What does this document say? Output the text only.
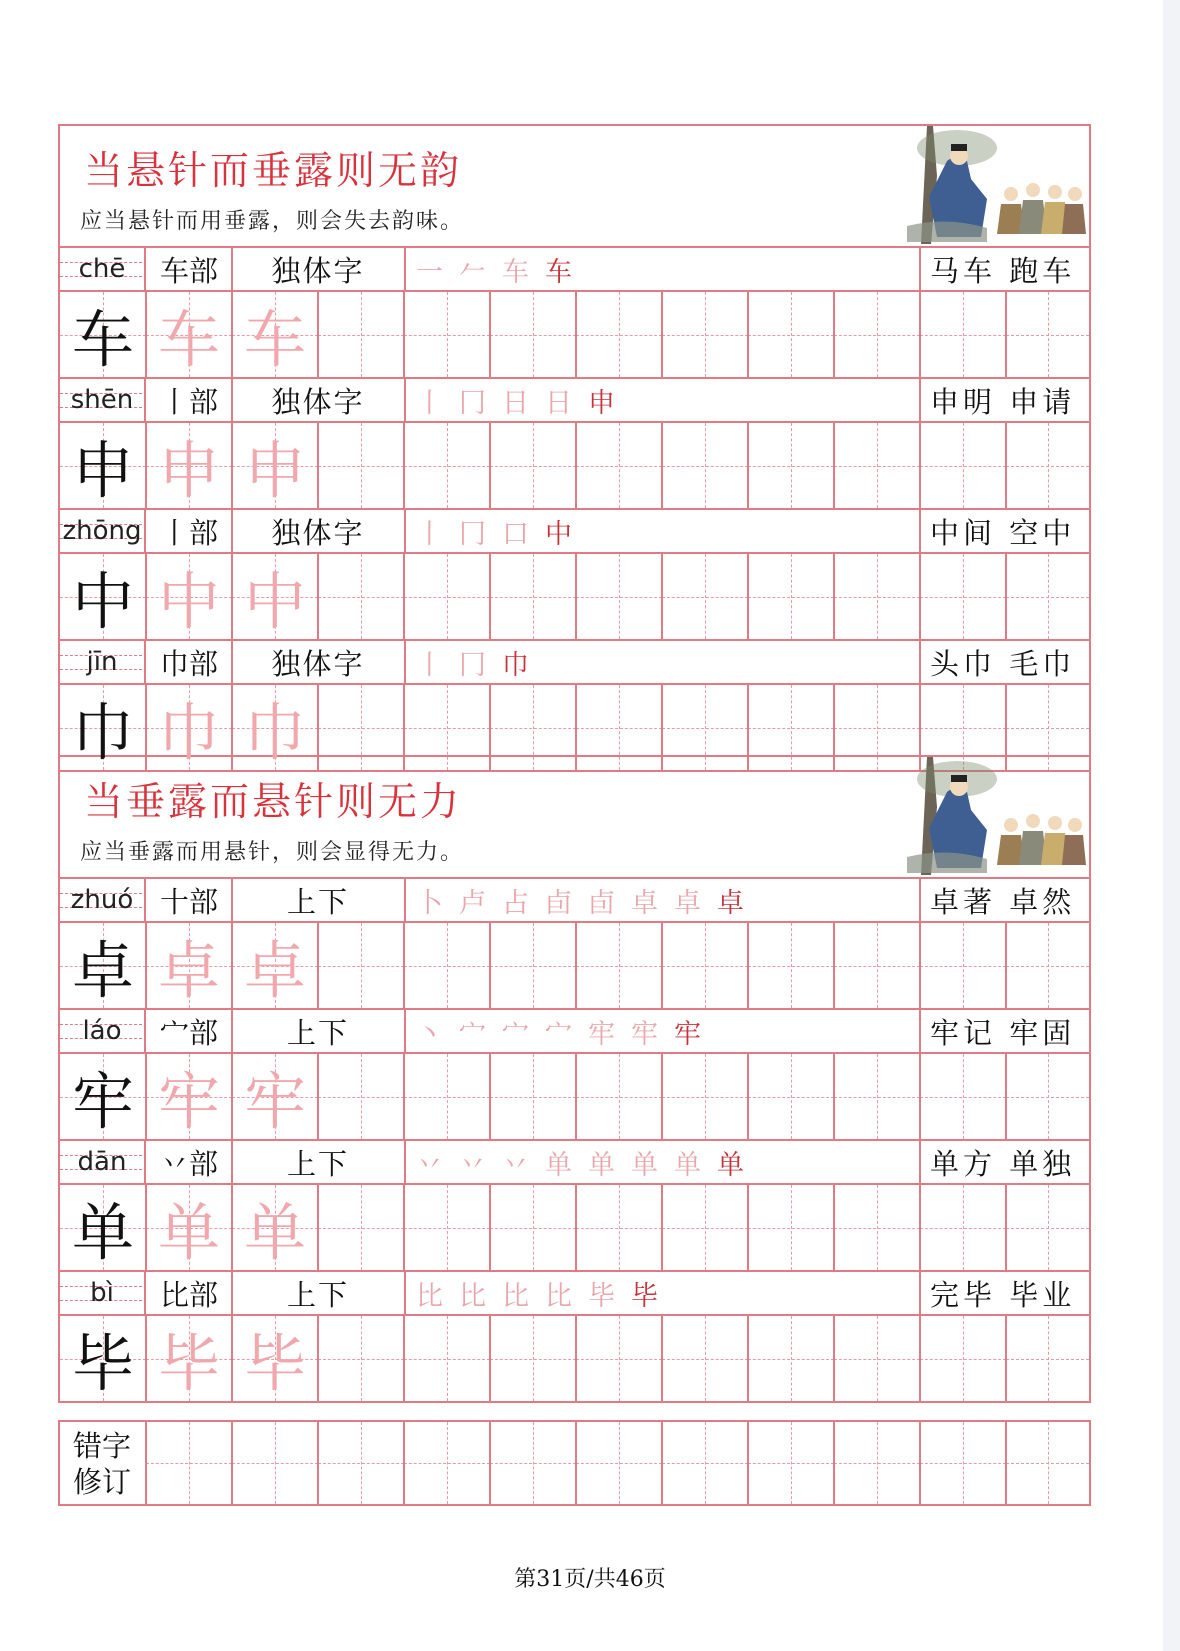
当悬针而垂露则无韵
应当悬针而用垂露，则会失去韵味。
chē	车部	独体字	一 𠂉 车 车	马车 跑车
车 车 车
shēn 丨部	独体字	丨 冂 日 日 申	申明 申请
申 申 申
zhōng 丨部	独体字	丨 冂 口 中	中间 空中
中 中 中
jīn	巾部	独体字	丨 冂 巾	头巾 毛巾
巾 巾 巾
当垂露而悬针则无力
应当垂露而用悬针，则会显得无力。
zhuó 十部	上下	卜 卢 占 卣 卣 卓 卓 卓	卓著 卓然
卓 卓 卓
láo	宀部	上下	丶 宀 宀 宀 牢 牢 牢	牢记 牢固
牢 牢 牢
dān	丷部	上下	丷 丷 丷 单 单 单 单 单	单方 单独
单 单 单
bì	比部	上下	比 比 比 比 毕 毕	完毕 毕业
毕 毕 毕
错字
修订
第31页/共46页
